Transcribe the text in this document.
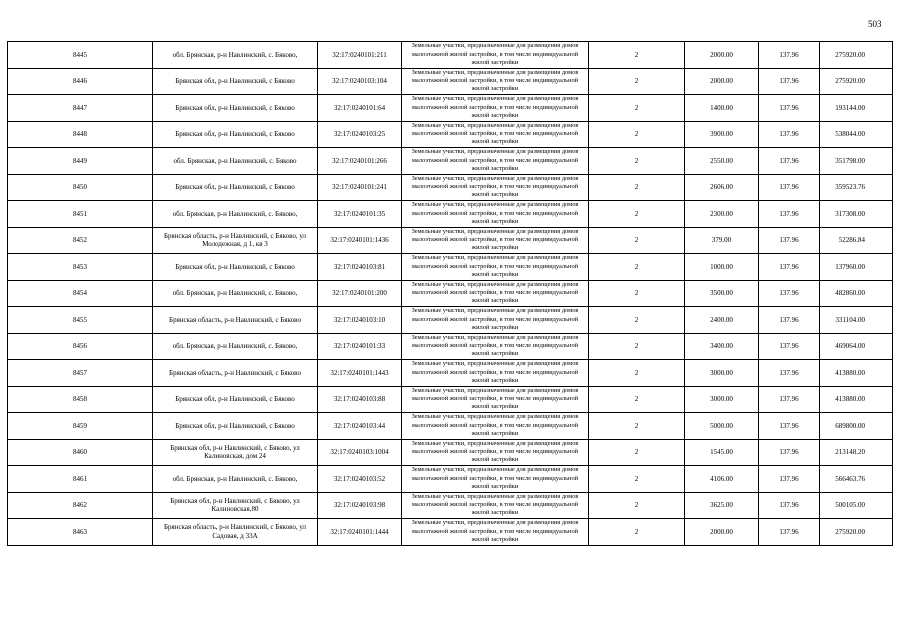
503
8445	обл. Брянская, р-н Навлинский, с. Бяково,	32:17:0240101:211	Земельные участки, предназначенные для размещения домов малоэтажной жилой застройки, в том числе индивидуальной жилой застройки	2	2000.00	137.96	275920.00
8446	Брянская обл, р-н Навлинский, с Бяково	32:17:0240103:104	Земельные участки, предназначенные для размещения домов малоэтажной жилой застройки, в том числе индивидуальной жилой застройки	2	2000.00	137.96	275920.00
8447	Брянская обл, р-н Навлинский, с Бяково	32:17:0240101:64	Земельные участки, предназначенные для размещения домов малоэтажной жилой застройки, в том числе индивидуальной жилой застройки	2	1400.00	137.96	193144.00
8448	Брянская обл, р-н Навлинский, с Бяково	32:17:0240103:25	Земельные участки, предназначенные для размещения домов малоэтажной жилой застройки, в том числе индивидуальной жилой застройки	2	3900.00	137.96	538044.00
8449	обл. Брянская, р-н Навлинский, с. Бяково	32:17:0240101:266	Земельные участки, предназначенные для размещения домов малоэтажной жилой застройки, в том числе индивидуальной жилой застройки	2	2550.00	137.96	351798.00
8450	Брянская обл, р-н Навлинский, с Бяково	32:17:0240101:241	Земельные участки, предназначенные для размещения домов малоэтажной жилой застройки, в том числе индивидуальной жилой застройки	2	2606.00	137.96	359523.76
8451	обл. Брянская, р-н Навлинский, с. Бяково,	32:17:0240101:35	Земельные участки, предназначенные для размещения домов малоэтажной жилой застройки, в том числе индивидуальной жилой застройки	2	2300.00	137.96	317308.00
8452	Брянская область, р-н Навлинский, с Бяково, ул Молодежная, д 1, кв 3	32:17:0240101:1436	Земельные участки, предназначенные для размещения домов малоэтажной жилой застройки, в том числе индивидуальной жилой застройки	2	379.00	137.96	52286.84
8453	Брянская обл, р-н Навлинский, с Бяково	32:17:0240103:81	Земельные участки, предназначенные для размещения домов малоэтажной жилой застройки, в том числе индивидуальной жилой застройки	2	1000.00	137.96	137960.00
8454	обл. Брянская, р-н Навлинский, с. Бяково,	32:17:0240101:200	Земельные участки, предназначенные для размещения домов малоэтажной жилой застройки, в том числе индивидуальной жилой застройки	2	3500.00	137.96	482860.00
8455	Брянская область, р-н Навлинский, с Бяково	32:17:0240103:10	Земельные участки, предназначенные для размещения домов малоэтажной жилой застройки, в том числе индивидуальной жилой застройки	2	2400.00	137.96	331104.00
8456	обл. Брянская, р-н Навлинский, с. Бяково,	32:17:0240101:33	Земельные участки, предназначенные для размещения домов малоэтажной жилой застройки, в том числе индивидуальной жилой застройки	2	3400.00	137.96	469064.00
8457	Брянская область, р-н Навлинский, с Бяково	32:17:0240101:1443	Земельные участки, предназначенные для размещения домов малоэтажной жилой застройки, в том числе индивидуальной жилой застройки	2	3000.00	137.96	413880.00
8458	Брянская обл, р-н Навлинский, с Бяково	32:17:0240103:88	Земельные участки, предназначенные для размещения домов малоэтажной жилой застройки, в том числе индивидуальной жилой застройки	2	3000.00	137.96	413880.00
8459	Брянская обл, р-н Навлинский, с Бяково	32:17:0240103:44	Земельные участки, предназначенные для размещения домов малоэтажной жилой застройки, в том числе индивидуальной жилой застройки	2	5000.00	137.96	689800.00
8460	Брянская обл, р-н Навлинский, с Бяково, ул Калиновская, дом 24	32:17:0240103:1004	Земельные участки, предназначенные для размещения домов малоэтажной жилой застройки, в том числе индивидуальной жилой застройки	2	1545.00	137.96	213148.20
8461	обл. Брянская, р-н Навлинский, с. Бяково,	32:17:0240103:52	Земельные участки, предназначенные для размещения домов малоэтажной жилой застройки, в том числе индивидуальной жилой застройки	2	4106.00	137.96	566463.76
8462	Брянская обл, р-н Навлинский, с Бяково, ул Калиновская,80	32:17:0240103:98	Земельные участки, предназначенные для размещения домов малоэтажной жилой застройки, в том числе индивидуальной жилой застройки	2	3625.00	137.96	500105.00
8463	Брянская область, р-н Навлинский, с Бяково, ул Садовая, д 33А	32:17:0240101:1444	Земельные участки, предназначенные для размещения домов малоэтажной жилой застройки, в том числе индивидуальной жилой застройки	2	2000.00	137.96	275920.00
